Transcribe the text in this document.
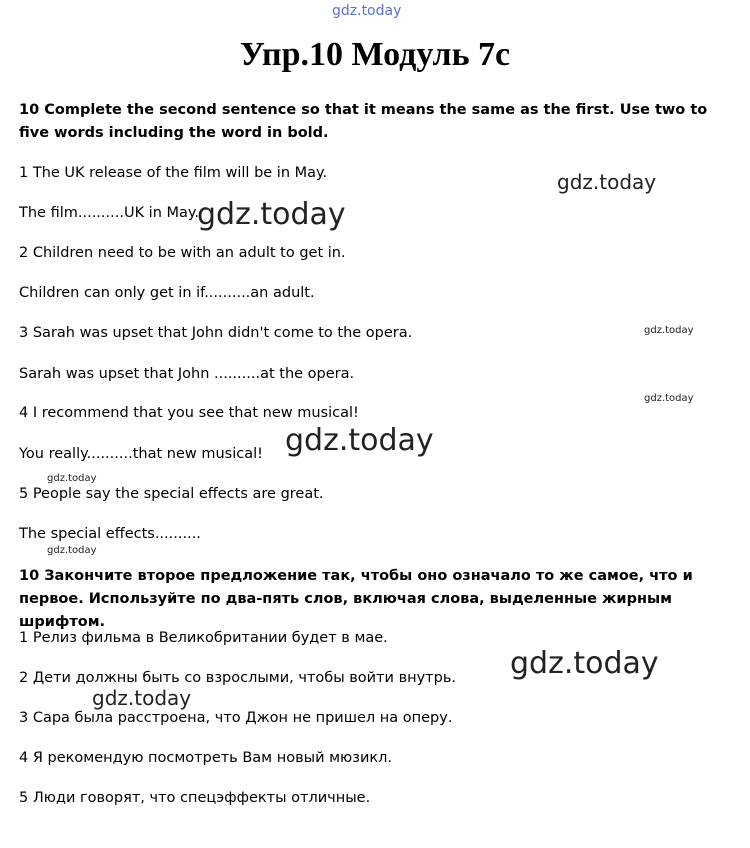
gdz.today
Упр.10 Модуль 7c
10 Complete the second sentence so that it means the same as the first. Use two to five words including the word in bold.
1 The UK release of the film will be in May.
The film..........UK in May.
2 Children need to be with an adult to get in.
Children can only get in if..........an adult.
3 Sarah was upset that John didn't come to the opera.
Sarah was upset that John ..........at the opera.
4 I recommend that you see that new musical!
You really..........that new musical!
5 People say the special effects are great.
The special effects..........
10 Закончите второе предложение так, чтобы оно означало то же самое, что и первое. Используйте по два-пять слов, включая слова, выделенные жирным шрифтом.
1 Релиз фильма в Великобритании будет в мае.
2 Дети должны быть со взрослыми, чтобы войти внутрь.
3 Сара была расстроена, что Джон не пришел на оперу.
4 Я рекомендую посмотреть Вам новый мюзикл.
5 Люди говорят, что спецэффекты отличные.
gdz.today
gdz.today
gdz.today
gdz.today
gdz.today
gdz.today
gdz.today
gdz.today
gdz.today
